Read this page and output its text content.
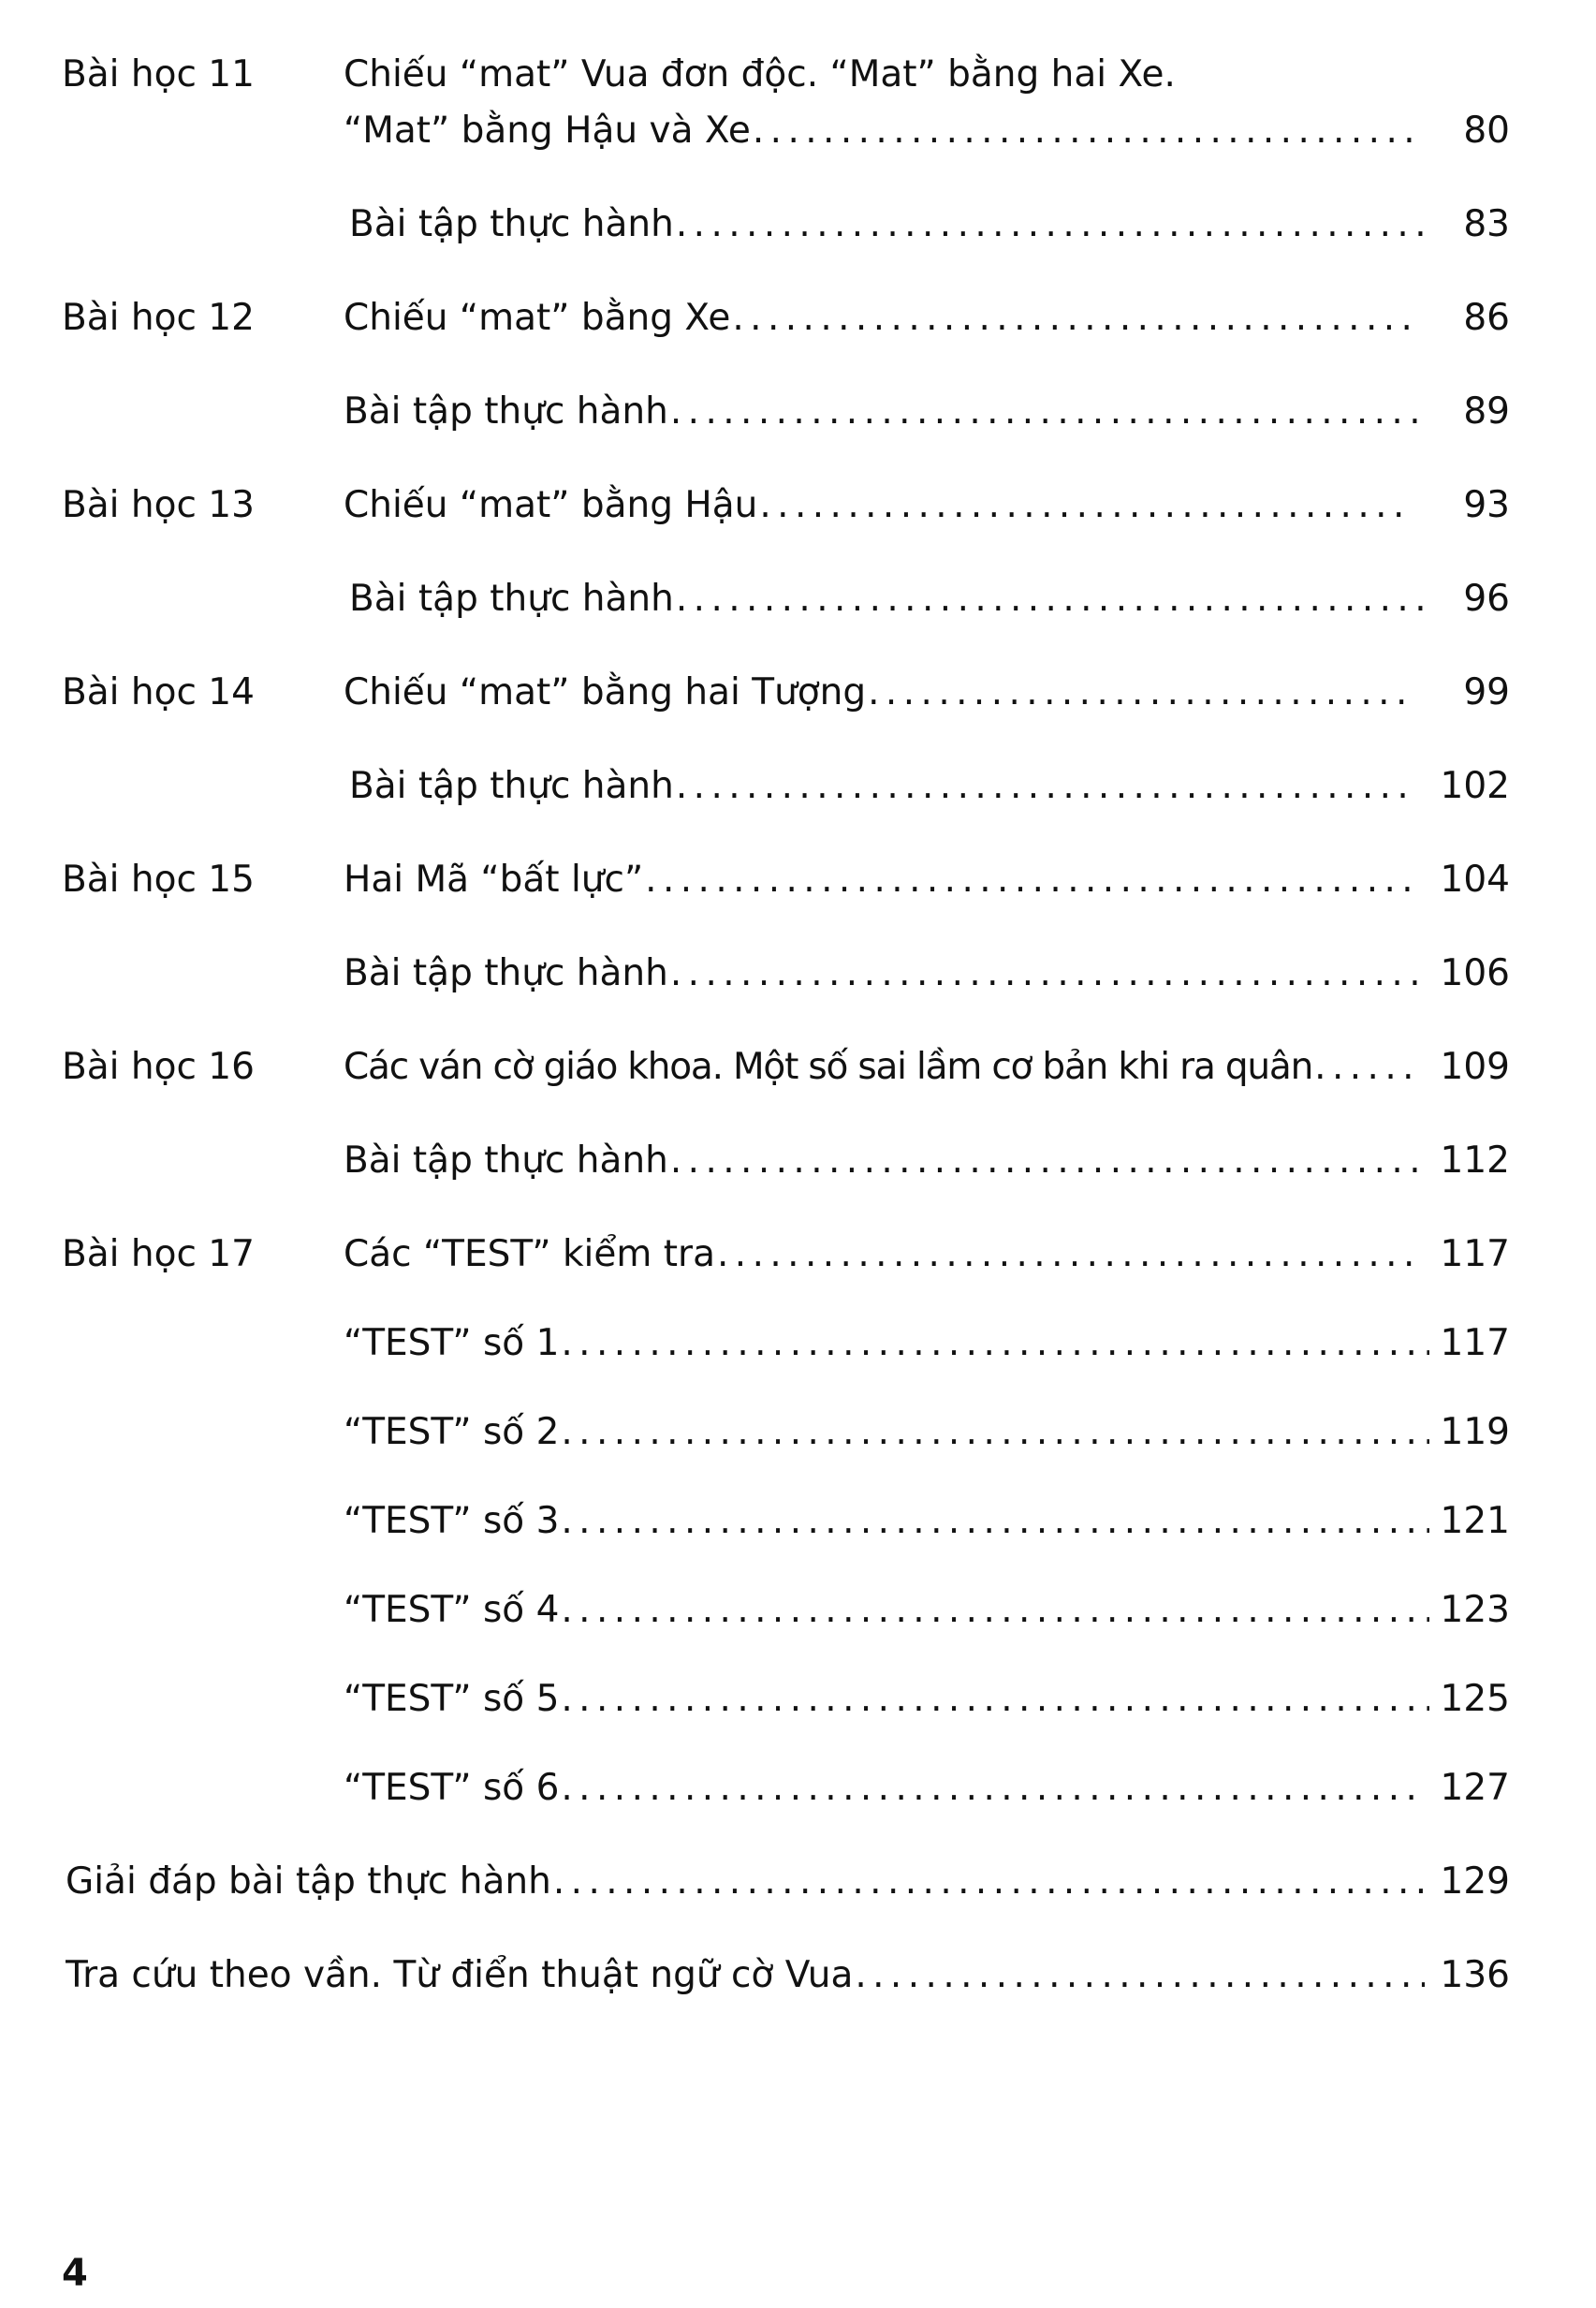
Bài học 11 Chiếu “mat” Vua đơn độc. “Mat” bằng hai Xe.
“Mat” bằng Hậu và Xe . . .	80
Bài tập thực hành . . .	83
Bài học 12 Chiếu “mat” bằng Xe . . .	86
Bài tập thực hành . . .	89
Bài học 13 Chiếu “mat” bằng Hậu . . .	93
Bài tập thực hành . . .	96
Bài học 14 Chiếu “mat” bằng hai Tượng . . .	99
Bài tập thực hành . . .	102
Bài học 15 Hai Mã “bất lực” . . .	104
Bài tập thực hành . . .	106
Bài học 16 Các ván cờ giáo khoa. Một số sai lầm cơ bản khi ra quân . . .	109
Bài tập thực hành . . .	112
Bài học 17 Các “TEST” kiểm tra . . .	117
“TEST” số 1 . . .	117
“TEST” số 2 . . .	119
“TEST” số 3 . . .	121
“TEST” số 4 . . .	123
“TEST” số 5 . . .	125
“TEST” số 6 . . .	127
Giải đáp bài tập thực hành . . .	129
Tra cứu theo vần. Từ điển thuật ngữ cờ Vua . . .	136
4
